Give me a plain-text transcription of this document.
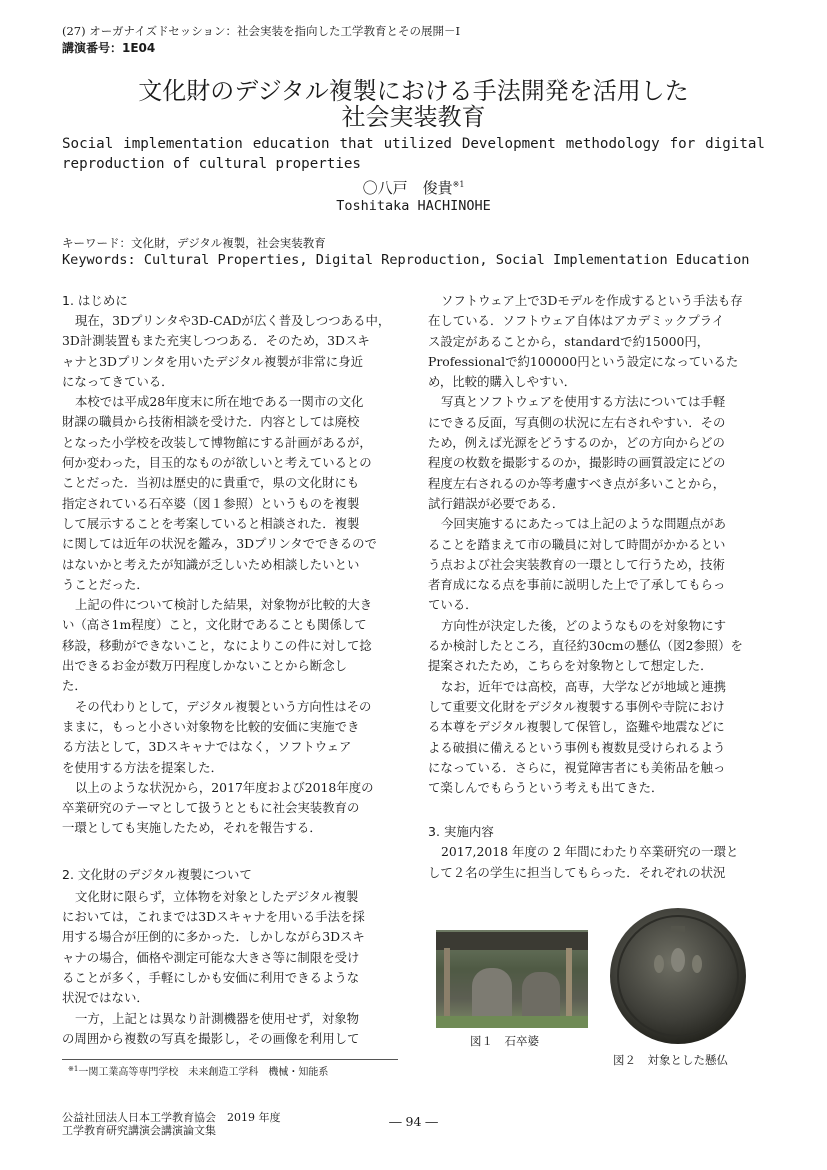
(27) オーガナイズドセッション：社会実装を指向した工学教育とその展開－I
講演番号：1E04
文化財のデジタル複製における手法開発を活用した
社会実装教育
Social implementation education that utilized Development methodology for digital
reproduction of cultural properties
〇八戸　俊貴$^{※1}$
Toshitaka HACHINOHE
キーワード：文化財，デジタル複製，社会実装教育
Keywords: Cultural Properties, Digital Reproduction, Social Implementation Education
1. はじめに
現在，3Dプリンタや3D-CADが広く普及しつつある中，
3D計測装置もまた充実しつつある．そのため，3Dスキ
ャナと3Dプリンタを用いたデジタル複製が非常に身近
になってきている．
本校では平成28年度末に所在地である一関市の文化
財課の職員から技術相談を受けた．内容としては廃校
となった小学校を改装して博物館にする計画があるが，
何か変わった，目玉的なものが欲しいと考えているとの
ことだった．当初は歴史的に貴重で，県の文化財にも
指定されている石卒婆（図１参照）というものを複製
して展示することを考案していると相談された．複製
に関しては近年の状況を鑑み，3Dプリンタでできるので
はないかと考えたが知識が乏しいため相談したいとい
うことだった．
上記の件について検討した結果，対象物が比較的大き
い（高さ1m程度）こと，文化財であることも関係して
移設，移動ができないこと，なによりこの件に対して捻
出できるお金が数万円程度しかないことから断念し
た．
その代わりとして，デジタル複製という方向性はその
ままに，もっと小さい対象物を比較的安価に実施でき
る方法として，3Dスキャナではなく，ソフトウェア
を使用する方法を提案した．
以上のような状況から，2017年度および2018年度の
卒業研究のテーマとして扱うとともに社会実装教育の
一環としても実施したため，それを報告する．
2. 文化財のデジタル複製について
文化財に限らず，立体物を対象としたデジタル複製
においては，これまでは3Dスキャナを用いる手法を採
用する場合が圧倒的に多かった．しかしながら3Dスキ
ャナの場合，価格や測定可能な大きさ等に制限を受け
ることが多く，手軽にしかも安価に利用できるような
状況ではない．
一方，上記とは異なり計測機器を使用せず，対象物
の周囲から複数の写真を撮影し，その画像を利用して
ソフトウェア上で3Dモデルを作成するという手法も存
在している．ソフトウェア自体はアカデミックプライ
ス設定があることから，standardで約15000円，
Professionalで約100000円という設定になっているた
め，比較的購入しやすい．
写真とソフトウェアを使用する方法については手軽
にできる反面，写真側の状況に左右されやすい．その
ため，例えば光源をどうするのか，どの方向からどの
程度の枚数を撮影するのか，撮影時の画質設定にどの
程度左右されるのか等考慮すべき点が多いことから，
試行錯誤が必要である．
今回実施するにあたっては上記のような問題点があ
ることを踏まえて市の職員に対して時間がかかるとい
う点および社会実装教育の一環として行うため，技術
者育成になる点を事前に説明した上で了承してもらっ
ている．
方向性が決定した後，どのようなものを対象物にす
るか検討したところ，直径約30cmの懸仏（図2参照）を
提案されたため，こちらを対象物として想定した．
なお，近年では高校，高専，大学などが地域と連携
して重要文化財をデジタル複製する事例や寺院におけ
る本尊をデジタル複製して保管し，盗難や地震などに
よる破損に備えるという事例も複数見受けられるよう
になっている．さらに，視覚障害者にも美術品を触っ
て楽しんでもらうという考えも出てきた．
3. 実施内容
2017,2018 年度の 2 年間にわたり卒業研究の一環と
して２名の学生に担当してもらった．それぞれの状況
図１　石卒婆
図２　対象とした懸仏
$^{※1}$一関工業高等専門学校　未来創造工学科　機械・知能系
公益社団法人日本工学教育協会　2019 年度
工学教育研究講演会講演論文集
― 94 ―
